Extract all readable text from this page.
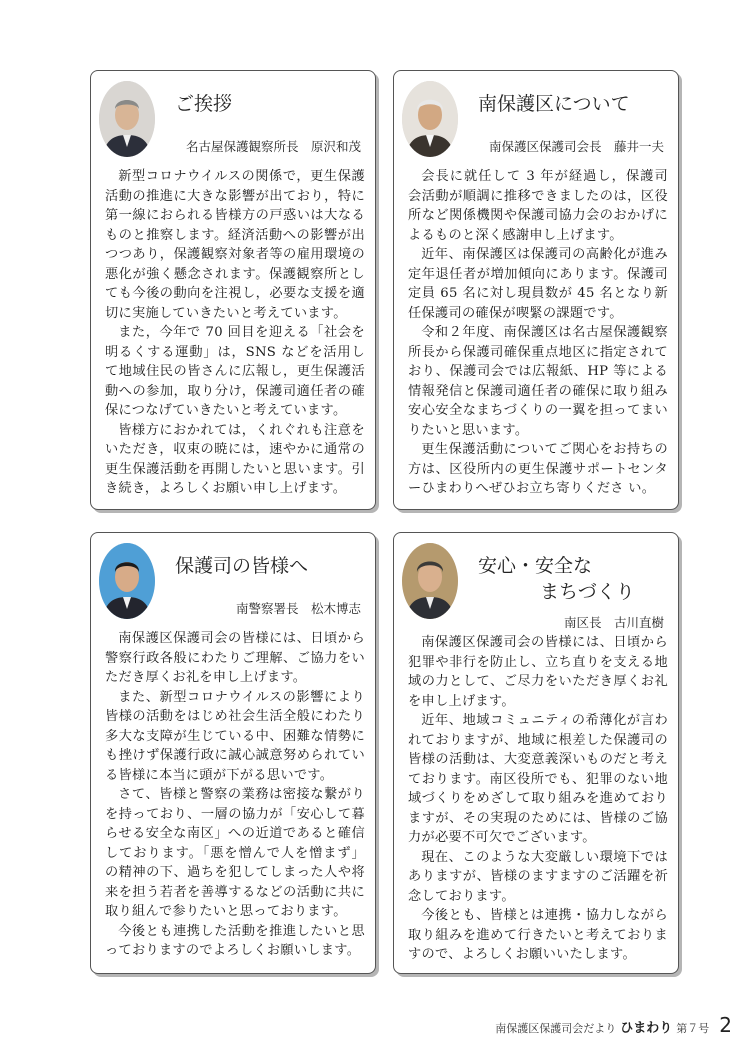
ご挨拶
名古屋保護観察所長　原沢和茂

新型コロナウイルスの関係で，更生保護活動の推進に大きな影響が出ており，特に第一線におられる皆様方の戸惑いは大なるものと推察します。経済活動への影響が出つつあり，保護観察対象者等の雇用環境の悪化が強く懸念されます。保護観察所としても今後の動向を注視し，必要な支援を適切に実施していきたいと考えています。

また，今年で 70 回目を迎える「社会を明るくする運動」は，SNS などを活用して地域住民の皆さんに広報し，更生保護活動への参加，取り分け，保護司適任者の確保につなげていきたいと考えています。

皆様方におかれては，くれぐれも注意をいただき，収束の暁には，速やかに通常の更生保護活動を再開したいと思います。引き続き，よろしくお願い申し上げます。

南保護区について
南保護区保護司会長　藤井一夫

会長に就任して 3 年が経過し，保護司会活動が順調に推移できましたのは，区役所など関係機関や保護司協力会のおかげによるものと深く感謝申し上げます。

近年、南保護区は保護司の高齢化が進み定年退任者が増加傾向にあります。保護司定員 65 名に対し現員数が 45 名となり新任保護司の確保が喫緊の課題です。

令和２年度、南保護区は名古屋保護観察所長から保護司確保重点地区に指定されており、保護司会では広報紙、HP 等による情報発信と保護司適任者の確保に取り組み安心安全なまちづくりの一翼を担ってまいりたいと思います。

更生保護活動についてご関心をお持ちの方は、区役所内の更生保護サポートセンターひまわりへぜひお立ち寄りくださ い。

保護司の皆様へ
南警察署長　松木博志

南保護区保護司会の皆様には、日頃から警察行政各般にわたりご理解、ご協力をいただき厚くお礼を申し上げます。

また、新型コロナウイルスの影響により皆様の活動をはじめ社会生活全般にわたり多大な支障が生じている中、困難な情勢にも挫けず保護行政に誠心誠意努められている皆様に本当に頭が下がる思いです。

さて、皆様と警察の業務は密接な繋がりを持っており、一層の協力が「安心して暮らせる安全な南区」への近道であると確信しております。「悪を憎んで人を憎まず」の精神の下、過ちを犯してしまった人や将来を担う若者を善導するなどの活動に共に取り組んで参りたいと思っております。

今後とも連携した活動を推進したいと思っておりますのでよろしくお願いします。

安心・安全な
まちづくり
南区長　古川直樹

南保護区保護司会の皆様には、日頃から犯罪や非行を防止し、立ち直りを支える地域の力として、ご尽力をいただき厚くお礼を申し上げます。

近年、地域コミュニティの希薄化が言われておりますが、地域に根差した保護司の皆様の活動は、大変意義深いものだと考えております。南区役所でも、犯罪のない地域づくりをめざして取り組みを進めておりますが、その実現のためには、皆様のご協力が必要不可欠でございます。

現在、このような大変厳しい環境下ではありますが、皆様のますますのご活躍を祈念しております。

今後とも、皆様とは連携・協力しながら取り組みを進めて行きたいと考えておりますので、よろしくお願いいたします。

南保護区保護司会だより ひまわり 第７号 2
